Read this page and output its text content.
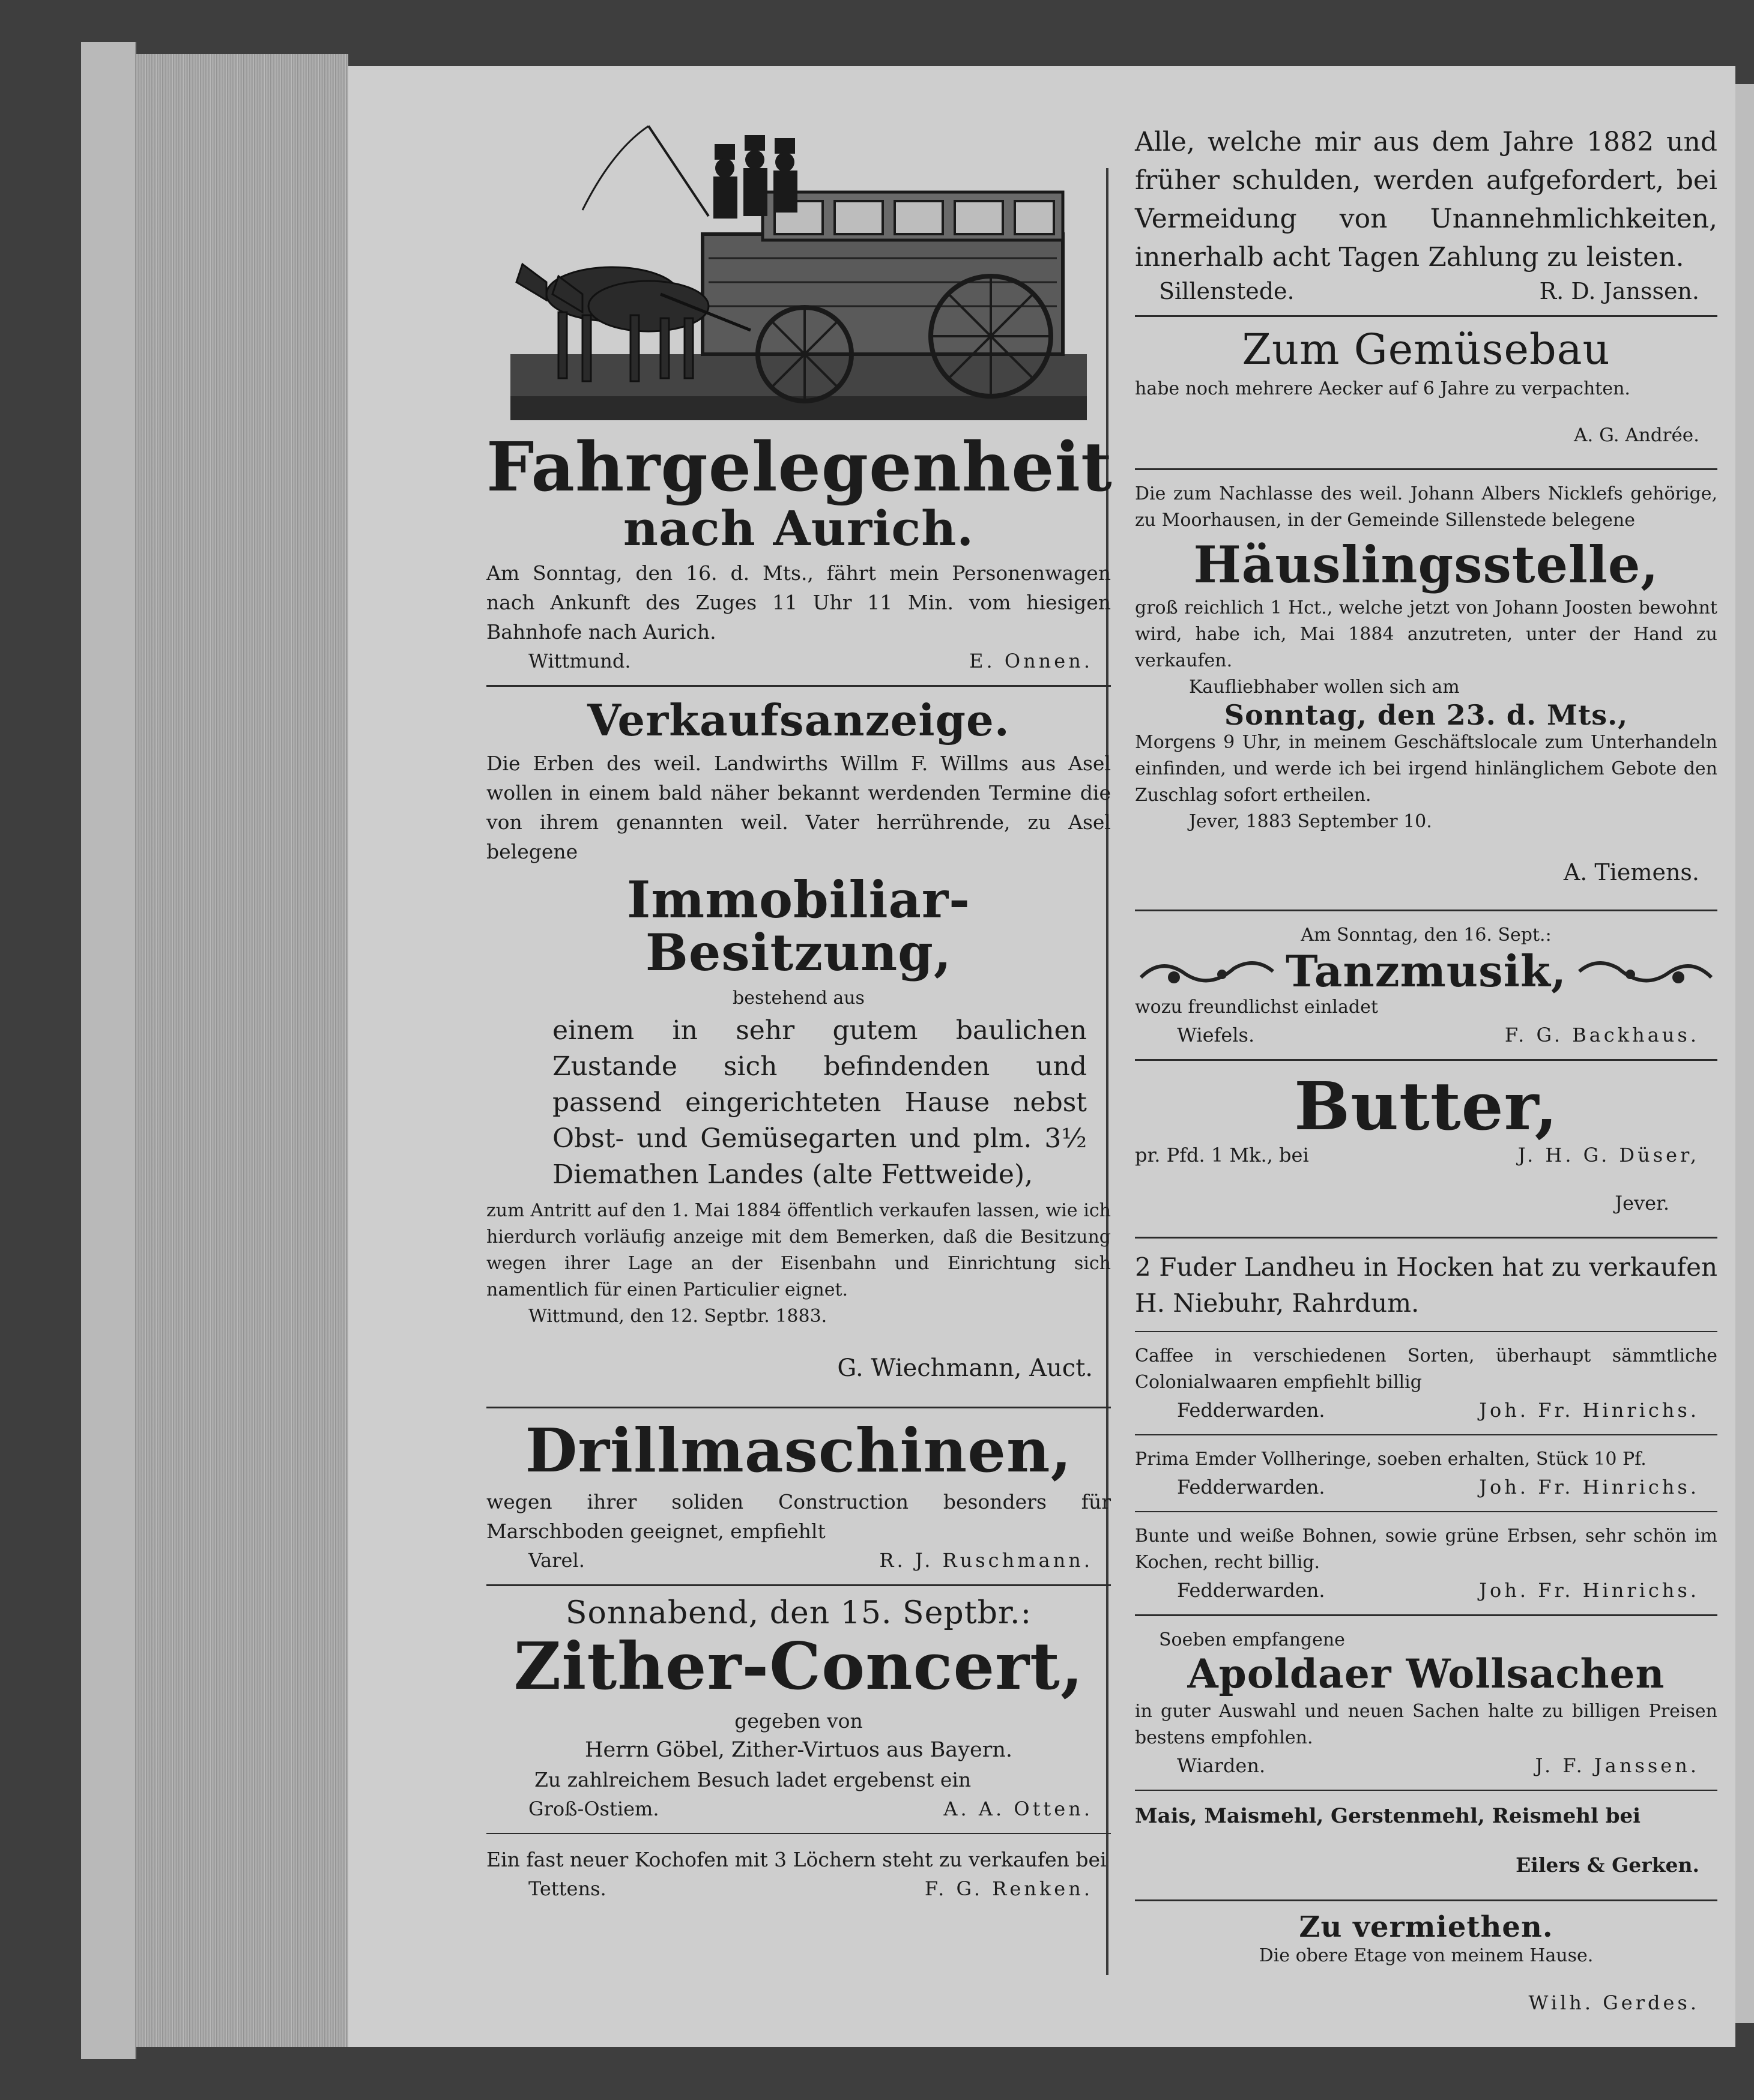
Fahrgelegenheit

nach Aurich.

Am Sonntag, den 16. d. Mts., fährt mein Personenwagen nach Ankunft des Zuges 11 Uhr 11 Min. vom hiesigen Bahnhofe nach Aurich.

Wittmund.	E. Onnen.

Verkaufsanzeige.

Die Erben des weil. Landwirths Willm F. Willms aus Asel wollen in einem bald näher bekannt werdenden Termine die von ihrem genannten weil. Vater herrührende, zu Asel belegene

Immobiliar-Besitzung,

bestehend aus

einem in sehr gutem baulichen Zustande sich befindenden und passend eingerichteten Hause nebst Obst- und Gemüsegarten und plm. 3½ Diemathen Landes (alte Fettweide),

zum Antritt auf den 1. Mai 1884 öffentlich verkaufen lassen, wie ich hierdurch vorläufig anzeige mit dem Bemerken, daß die Besitzung wegen ihrer Lage an der Eisenbahn und Einrichtung sich namentlich für einen Particulier eignet.

Wittmund, den 12. Septbr. 1883.

G. Wiechmann, Auct.

Drillmaschinen,

wegen ihrer soliden Construction besonders für Marschboden geeignet, empfiehlt

Varel.	R. J. Ruschmann.

Sonnabend, den 15. Septbr.:

Zither-Concert,

gegeben von

Herrn Göbel, Zither-Virtuos aus Bayern.

Zu zahlreichem Besuch ladet ergebenst ein

Groß-Ostiem.	A. A. Otten.

Ein fast neuer Kochofen mit 3 Löchern steht zu verkaufen bei

Tettens.	F. G. Renken.

Alle, welche mir aus dem Jahre 1882 und früher schulden, werden aufgefordert, bei Vermeidung von Unannehmlichkeiten, innerhalb acht Tagen Zahlung zu leisten.

Sillenstede.	R. D. Janssen.

Zum Gemüsebau

habe noch mehrere Aecker auf 6 Jahre zu verpachten.

A. G. Andrée.

Die zum Nachlasse des weil. Johann Albers Nicklefs gehörige, zu Moorhausen, in der Gemeinde Sillenstede belegene

Häuslingsstelle,

groß reichlich 1 Hct., welche jetzt von Johann Joosten bewohnt wird, habe ich, Mai 1884 anzutreten, unter der Hand zu verkaufen.

Kaufliebhaber wollen sich am

Sonntag, den 23. d. Mts.,

Morgens 9 Uhr, in meinem Geschäftslocale zum Unterhandeln einfinden, und werde ich bei irgend hinlänglichem Gebote den Zuschlag sofort ertheilen.

Jever, 1883 September 10.

A. Tiemens.

Am Sonntag, den 16. Sept.:

Tanzmusik,

wozu freundlichst einladet

Wiefels.	F. G. Backhaus.

Butter,

pr. Pfd. 1 Mk., bei	J. H. G. Düser,

Jever.

2 Fuder Landheu in Hocken hat zu verkaufen H. Niebuhr, Rahrdum.

Caffee in verschiedenen Sorten, überhaupt sämmtliche Colonialwaaren empfiehlt billig

Fedderwarden.	Joh. Fr. Hinrichs.

Prima Emder Vollheringe, soeben erhalten, Stück 10 Pf.

Fedderwarden.	Joh. Fr. Hinrichs.

Bunte und weiße Bohnen, sowie grüne Erbsen, sehr schön im Kochen, recht billig.

Fedderwarden.	Joh. Fr. Hinrichs.

Soeben empfangene

Apoldaer Wollsachen

in guter Auswahl und neuen Sachen halte zu billigen Preisen bestens empfohlen.

Wiarden.	J. F. Janssen.

Mais, Maismehl, Gerstenmehl, Reismehl bei

Eilers & Gerken.

Zu vermiethen.

Die obere Etage von meinem Hause.

Wilh. Gerdes.
